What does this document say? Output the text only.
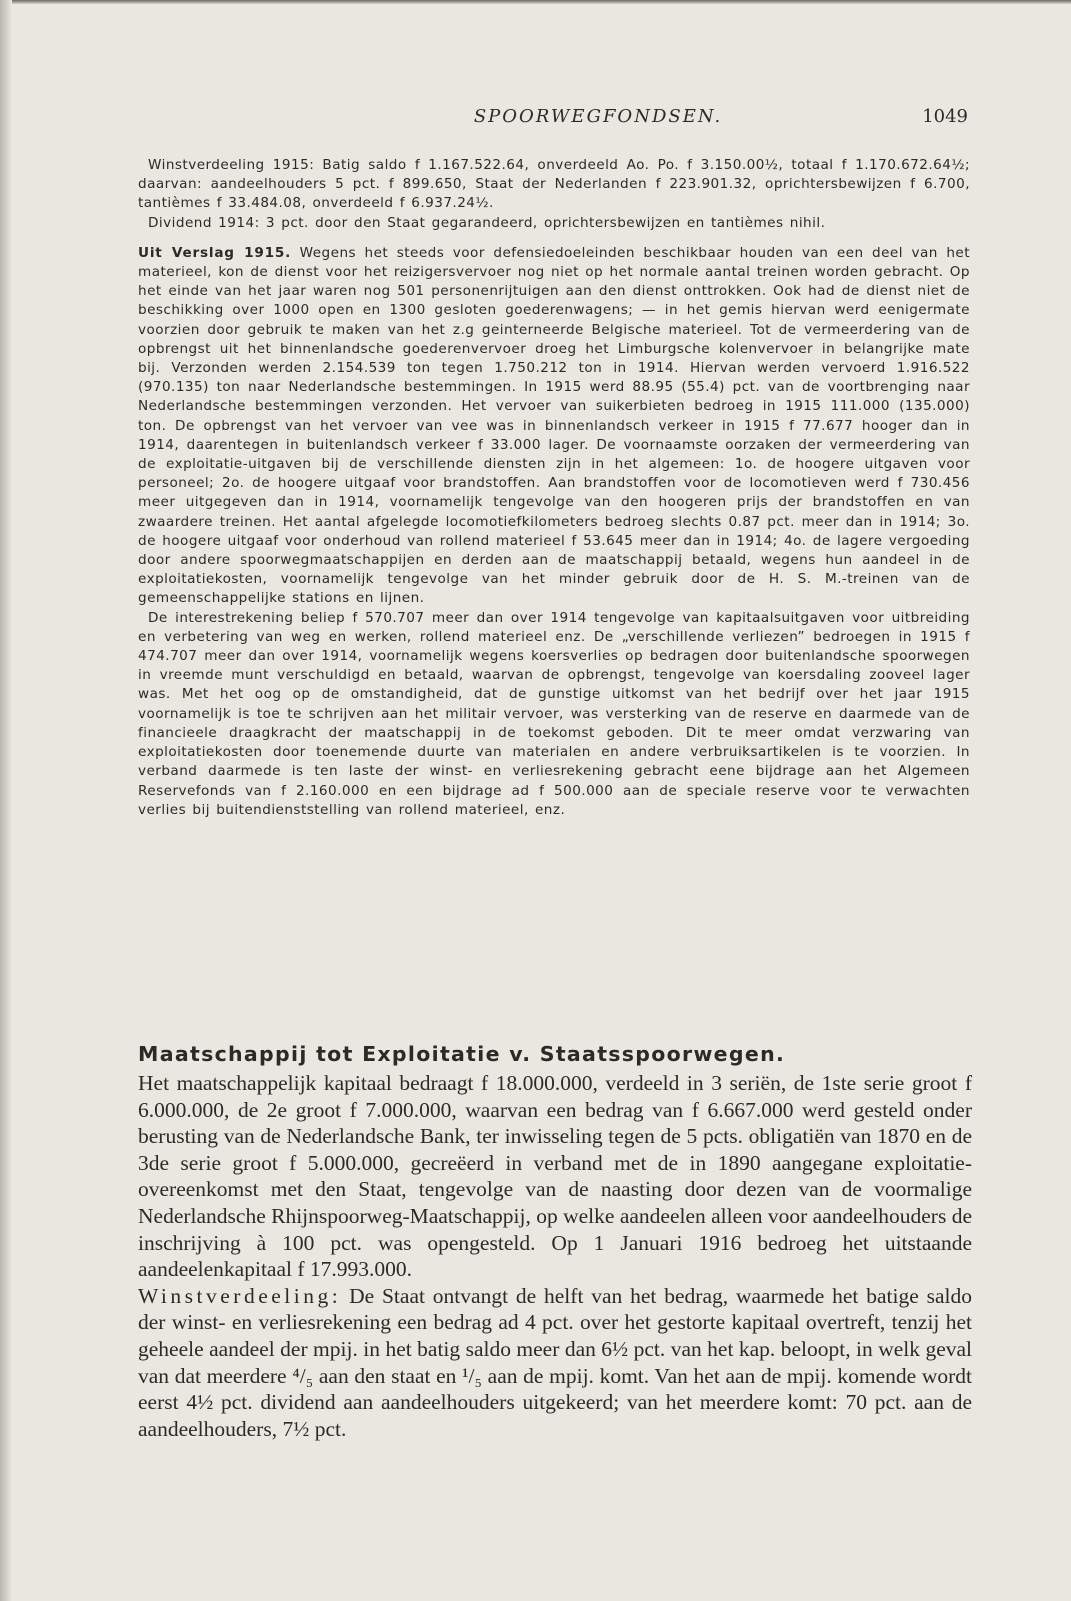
SPOORWEGFONDSEN.	1049

Winstverdeeling 1915: Batig saldo f 1.167.522.64, onverdeeld Ao. Po. f 3.150.00½, totaal f 1.170.672.64½; daarvan: aandeelhouders 5 pct. f 899.650, Staat der Nederlanden f 223.901.32, oprichtersbewijzen f 6.700, tantièmes f 33.484.08, onverdeeld f 6.937.24½.

Dividend 1914: 3 pct. door den Staat gegarandeerd, oprichtersbewijzen en tantièmes nihil.

Uit Verslag 1915. Wegens het steeds voor defensiedoeleinden beschikbaar houden van een deel van het materieel, kon de dienst voor het reizigersvervoer nog niet op het normale aantal treinen worden gebracht. Op het einde van het jaar waren nog 501 personenrijtuigen aan den dienst onttrokken. Ook had de dienst niet de beschikking over 1000 open en 1300 gesloten goederenwagens; — in het gemis hiervan werd eenigermate voorzien door gebruik te maken van het z.g geinterneerde Belgische materieel. Tot de vermeerdering van de opbrengst uit het binnenlandsche goederenvervoer droeg het Limburgsche kolenvervoer in belangrijke mate bij. Verzonden werden 2.154.539 ton tegen 1.750.212 ton in 1914. Hiervan werden vervoerd 1.916.522 (970.135) ton naar Nederlandsche bestemmingen. In 1915 werd 88.95 (55.4) pct. van de voortbrenging naar Nederlandsche bestemmingen verzonden. Het vervoer van suikerbieten bedroeg in 1915 111.000 (135.000) ton. De opbrengst van het vervoer van vee was in binnenlandsch verkeer in 1915 f 77.677 hooger dan in 1914, daarentegen in buitenlandsch verkeer f 33.000 lager. De voornaamste oorzaken der vermeerdering van de exploitatie-uitgaven bij de verschillende diensten zijn in het algemeen: 1o. de hoogere uitgaven voor personeel; 2o. de hoogere uitgaaf voor brandstoffen. Aan brandstoffen voor de locomotieven werd f 730.456 meer uitgegeven dan in 1914, voornamelijk tengevolge van den hoogeren prijs der brandstoffen en van zwaardere treinen. Het aantal afgelegde locomotiefkilometers bedroeg slechts 0.87 pct. meer dan in 1914; 3o. de hoogere uitgaaf voor onderhoud van rollend materieel f 53.645 meer dan in 1914; 4o. de lagere vergoeding door andere spoorwegmaatschappijen en derden aan de maatschappij betaald, wegens hun aandeel in de exploitatiekosten, voornamelijk tengevolge van het minder gebruik door de H. S. M.-treinen van de gemeenschappelijke stations en lijnen.

De interestrekening beliep f 570.707 meer dan over 1914 tengevolge van kapitaalsuitgaven voor uitbreiding en verbetering van weg en werken, rollend materieel enz. De „verschillende verliezen” bedroegen in 1915 f 474.707 meer dan over 1914, voornamelijk wegens koersverlies op bedragen door buitenlandsche spoorwegen in vreemde munt verschuldigd en betaald, waarvan de opbrengst, tengevolge van koersdaling zooveel lager was. Met het oog op de omstandigheid, dat de gunstige uitkomst van het bedrijf over het jaar 1915 voornamelijk is toe te schrijven aan het militair vervoer, was versterking van de reserve en daarmede van de financieele draagkracht der maatschappij in de toekomst geboden. Dit te meer omdat verzwaring van exploitatiekosten door toenemende duurte van materialen en andere verbruiksartikelen is te voorzien. In verband daarmede is ten laste der winst- en verliesrekening gebracht eene bijdrage aan het Algemeen Reservefonds van f 2.160.000 en een bijdrage ad f 500.000 aan de speciale reserve voor te verwachten verlies bij buitendienststelling van rollend materieel, enz.

Maatschappij tot Exploitatie v. Staatsspoorwegen.

Het maatschappelijk kapitaal bedraagt f 18.000.000, verdeeld in 3 seriën, de 1ste serie groot f 6.000.000, de 2e groot f 7.000.000, waarvan een bedrag van f 6.667.000 werd gesteld onder berusting van de Nederlandsche Bank, ter inwisseling tegen de 5 pcts. obligatiën van 1870 en de 3de serie groot f 5.000.000, gecreëerd in verband met de in 1890 aangegane exploitatie-overeenkomst met den Staat, tengevolge van de naasting door dezen van de voormalige Nederlandsche Rhijnspoorweg-Maatschappij, op welke aandeelen alleen voor aandeelhouders de inschrijving à 100 pct. was opengesteld. Op 1 Januari 1916 bedroeg het uitstaande aandeelenkapitaal f 17.993.000.

Winstverdeeling: De Staat ontvangt de helft van het bedrag, waarmede het batige saldo der winst- en verliesrekening een bedrag ad 4 pct. over het gestorte kapitaal overtreft, tenzij het geheele aandeel der mpij. in het batig saldo meer dan 6½ pct. van het kap. beloopt, in welk geval van dat meerdere ⁴/₅ aan den staat en ¹/₅ aan de mpij. komt. Van het aan de mpij. komende wordt eerst 4½ pct. dividend aan aandeelhouders uitgekeerd; van het meerdere komt: 70 pct. aan de aandeelhouders, 7½ pct.
